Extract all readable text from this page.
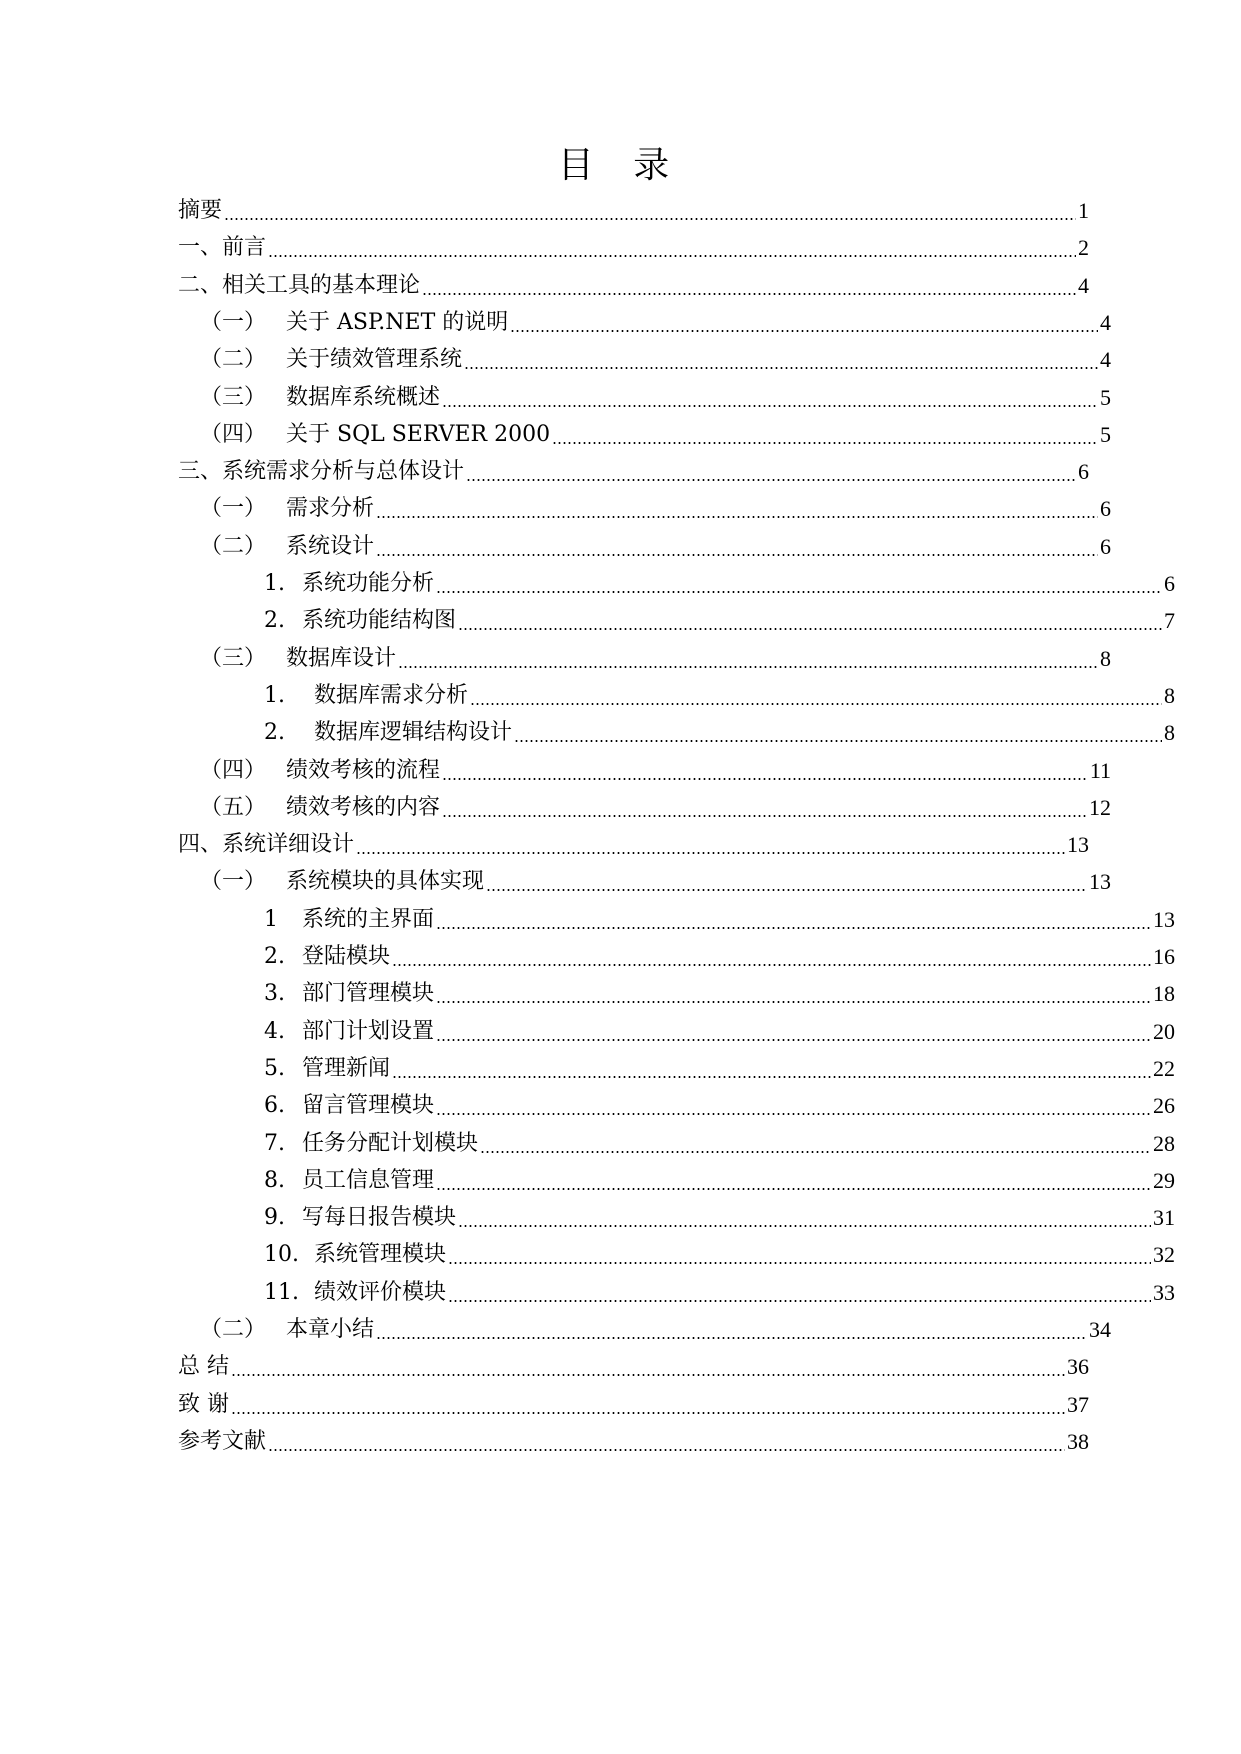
目 录
摘要	1
一、前言	2
二、相关工具的基本理论	4
（一） 关于 ASP.NET 的说明	4
（二） 关于绩效管理系统	4
（三） 数据库系统概述	5
（四） 关于 SQL SERVER 2000	5
三、系统需求分析与总体设计	6
（一） 需求分析	6
（二） 系统设计	6
1. 系统功能分析	6
2. 系统功能结构图	7
（三） 数据库设计	8
1.	数据库需求分析	8
2.	数据库逻辑结构设计	8
（四） 绩效考核的流程	11
（五） 绩效考核的内容	12
四、系统详细设计	13
（一） 系统模块的具体实现	13
1	系统的主界面	13
2. 登陆模块	16
3. 部门管理模块	18
4. 部门计划设置	20
5. 管理新闻	22
6. 留言管理模块	26
7. 任务分配计划模块	28
8. 员工信息管理	29
9. 写每日报告模块	31
10. 系统管理模块	32
11. 绩效评价模块	33
（二） 本章小结	34
总 结	36
致 谢	37
参考文献	38
